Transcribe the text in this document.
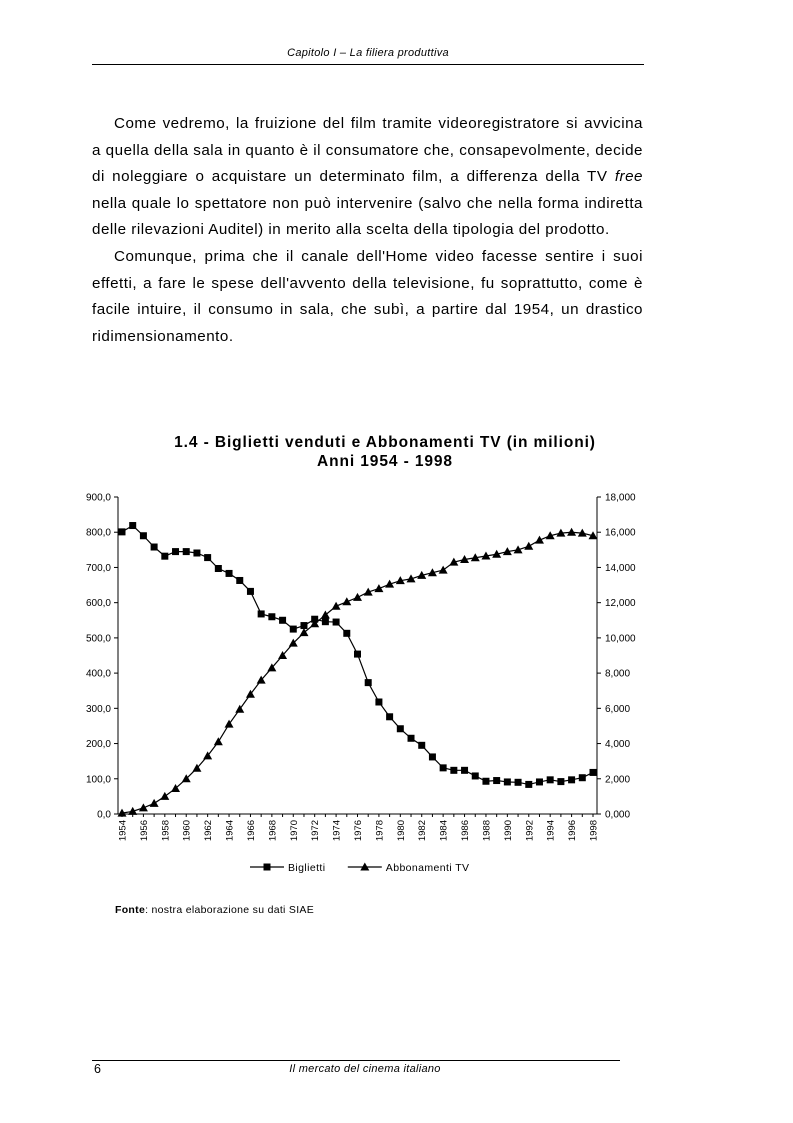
Capitolo I – La filiera produttiva

Come vedremo, la fruizione del film tramite videoregistratore si avvicina a quella della sala in quanto è il consumatore che, consapevolmente, decide di noleggiare o acquistare un determinato film, a differenza della TV free nella quale lo spettatore non può intervenire (salvo che nella forma indiretta delle rilevazioni Auditel) in merito alla scelta della tipologia del prodotto.

Comunque, prima che il canale dell'Home video facesse sentire i suoi effetti, a fare le spese dell'avvento della televisione, fu soprattutto, come è facile intuire, il consumo in sala, che subì, a partire dal 1954, un drastico ridimensionamento.

1.4 - Biglietti venduti e Abbonamenti TV (in milioni)
Anni 1954 - 1998
0,0
100,0
200,0
300,0
400,0
500,0
600,0
700,0
800,0
900,0
0,000
2,000
4,000
6,000
8,000
10,000
12,000
14,000
16,000
18,000
1954 1956 1958 1960 1962 1964 1966 1968 1970 1972 1974 1976 1978 1980 1982 1984 1986 1988 1990 1992 1994 1996 1998
Biglietti	Abbonamenti TV
Fonte: nostra elaborazione su dati SIAE
6	Il mercato del cinema italiano
